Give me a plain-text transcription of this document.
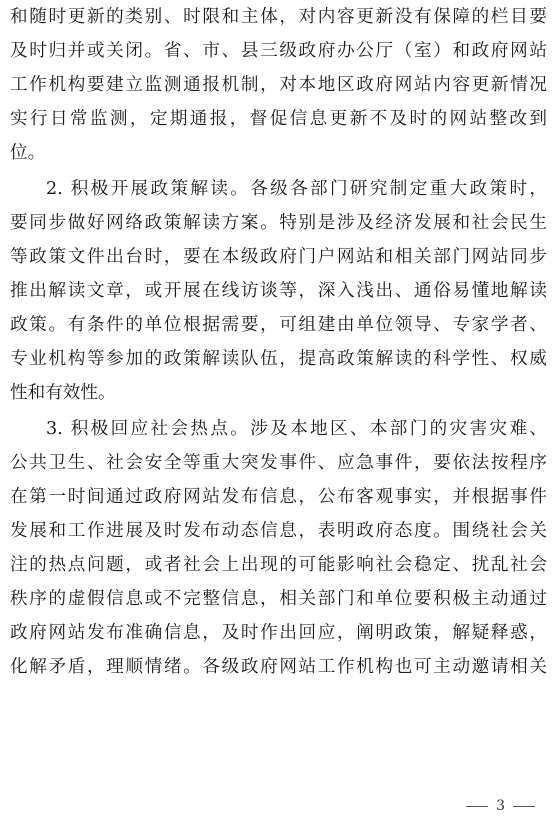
和随时更新的类别、时限和主体，对内容更新没有保障的栏目要
及时归并或关闭。省、市、县三级政府办公厅（室）和政府网站
工作机构要建立监测通报机制，对本地区政府网站内容更新情况
实行日常监测，定期通报，督促信息更新不及时的网站整改到
位。
2. 积极开展政策解读。各级各部门研究制定重大政策时，
要同步做好网络政策解读方案。特别是涉及经济发展和社会民生
等政策文件出台时，要在本级政府门户网站和相关部门网站同步
推出解读文章，或开展在线访谈等，深入浅出、通俗易懂地解读
政策。有条件的单位根据需要，可组建由单位领导、专家学者、
专业机构等参加的政策解读队伍，提高政策解读的科学性、权威
性和有效性。
3. 积极回应社会热点。涉及本地区、本部门的灾害灾难、
公共卫生、社会安全等重大突发事件、应急事件，要依法按程序
在第一时间通过政府网站发布信息，公布客观事实，并根据事件
发展和工作进展及时发布动态信息，表明政府态度。围绕社会关
注的热点问题，或者社会上出现的可能影响社会稳定、扰乱社会
秩序的虚假信息或不完整信息，相关部门和单位要积极主动通过
政府网站发布准确信息，及时作出回应，阐明政策，解疑释惑，
化解矛盾，理顺情绪。各级政府网站工作机构也可主动邀请相关
3
